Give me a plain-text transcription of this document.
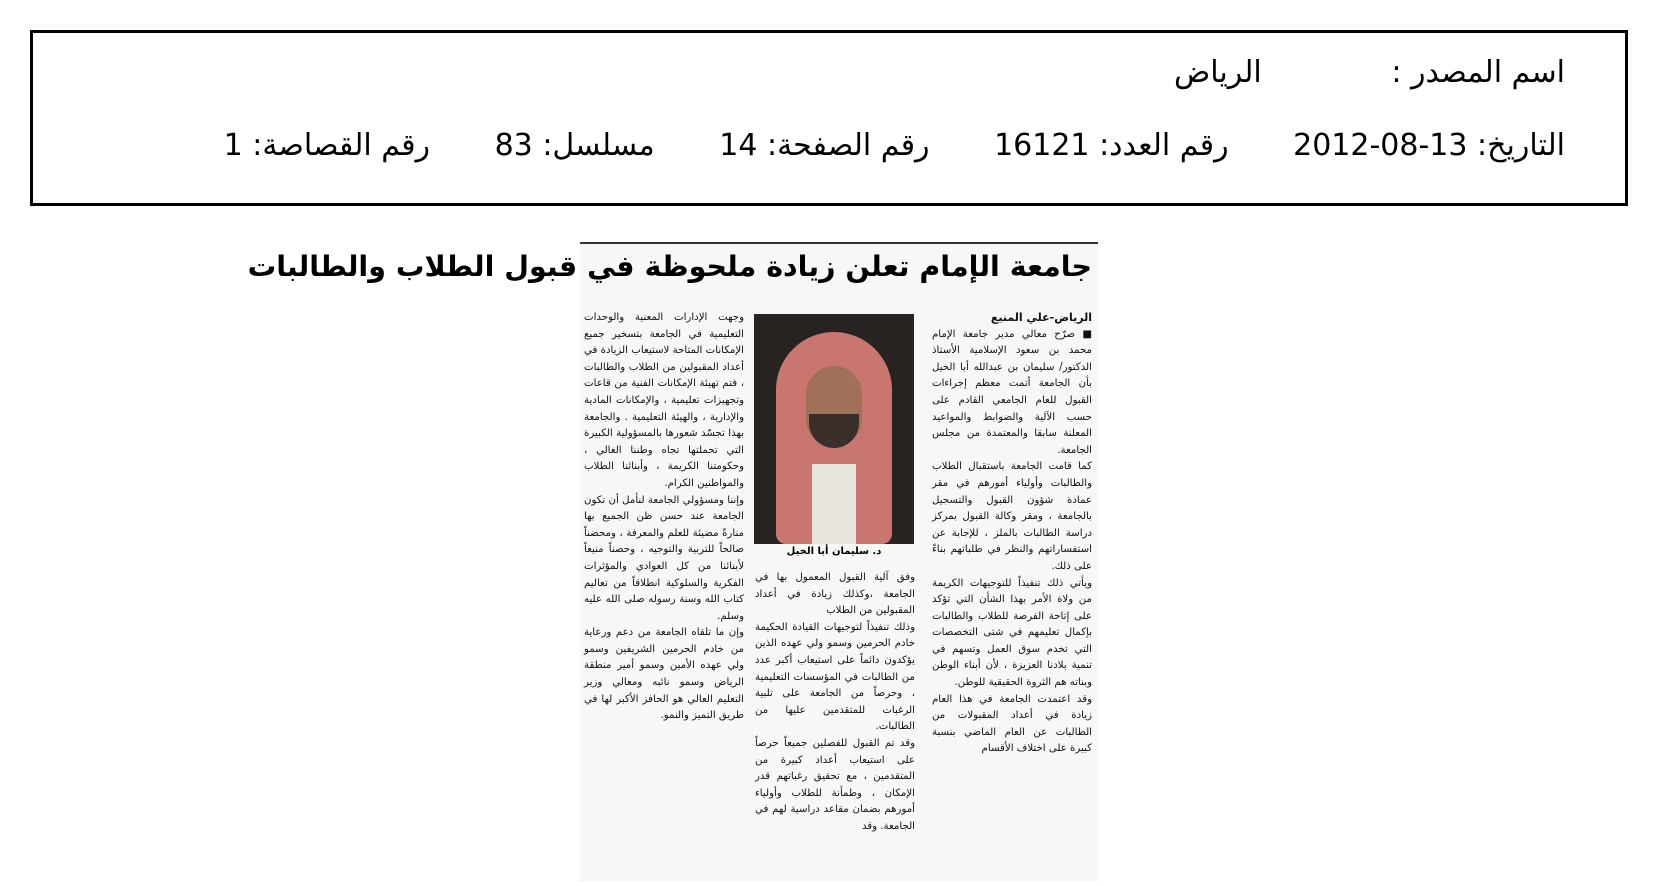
اسم المصدر : الرياض
التاريخ: 2012-08-13 رقم العدد: 16121 رقم الصفحة: 14 مسلسل: 83 رقم القصاصة: 1
جامعة الإمام تعلن زيادة ملحوظة في قبول الطلاب والطالبات

الرياض-علي المنيع

■ صرّح معالي مدير جامعة الإمام محمد بن سعود الإسلامية الأستاذ الدكتور/ سليمان بن عبدالله أبا الخيل بأن الجامعة أتمت معظم إجراءات القبول للعام الجامعي القادم على حسب الآلية والضوابط والمواعيد المعلنة سابقا والمعتمدة من مجلس الجامعة.

كما قامت الجامعة باستقبال الطلاب والطالبات وأولياء أمورهم في مقر عمادة شؤون القبول والتسجيل بالجامعة ، ومقر وكالة القبول بمركز دراسة الطالبات بالملز ، للإجابة عن استفساراتهم والنظر في طلباتهم بناءً على ذلك.

ويأتي ذلك تنفيذاً للتوجيهات الكريمة من ولاة الأمر بهذا الشأن التي تؤكد على إتاحة الفرصة للطلاب والطالبات بإكمال تعليمهم في شتى التخصصات التي تخدم سوق العمل وتسهم في تنمية بلادنا العزيزة ، لأن أبناء الوطن وبناته هم الثروة الحقيقية للوطن.

وقد اعتمدت الجامعة في هذا العام زيادة في أعداد المقبولات من الطالبات عن العام الماضي بنسبة كبيرة على اختلاف الأقسام

د. سليمان أبا الخيل

وفق آلية القبول المعمول بها في الجامعة ،وكذلك زيادة في أعداد المقبولين من الطلاب

وذلك تنفيذاً لتوجيهات القيادة الحكيمة خادم الحرمين وسمو ولي عهده الذين يؤكدون دائماً على استيعاب أكبر عدد من الطالبات في المؤسسات التعليمية ، وحرصاً من الجامعة على تلبية الرغبات للمتقدمين عليها من الطالبات.

وقد تم القبول للفصلين جميعاً حرصاً على استيعاب أعداد كبيرة من المتقدمين ، مع تحقيق رغباتهم قدر الإمكان ، وطمأنة للطلاب وأولياء أمورهم بضمان مقاعد دراسية لهم في الجامعة. وقد

وجهت الإدارات المعنية والوحدات التعليمية في الجامعة بتسخير جميع الإمكانات المتاحة لاستيعاب الزيادة في أعداد المقبولين من الطلاب والطالبات ، فتم تهيئة الإمكانات الفنية من قاعات وتجهيزات تعليمية ، والإمكانات المادية والإدارية ، والهيئة التعليمية . والجامعة بهذا تجسّد شعورها بالمسؤولية الكبيرة التي تحملتها تجاه وطننا الغالي ، وحكومتنا الكريمة ، وأبنائنا الطلاب والمواطنين الكرام.

وإننا ومسؤولي الجامعة لنأمل أن تكون الجامعة عند حسن ظن الجميع بها منارةً مضيئة للعلم والمعرفة ، ومحضناً صالحاً للتربية والتوجيه ، وحصناً منيعاً لأبنائنا من كل العوادي والمؤثرات الفكرية والسلوكية انطلاقاً من تعاليم كتاب الله وسنة رسوله صلى الله عليه وسلم.

وإن ما تلقاه الجامعة من دعم ورعاية من خادم الحرمين الشريفين وسمو ولي عهده الأمين وسمو أمير منطقة الرياض وسمو نائبه ومعالي وزير التعليم العالي هو الحافز الأكبر لها في طريق التميز والنمو.
